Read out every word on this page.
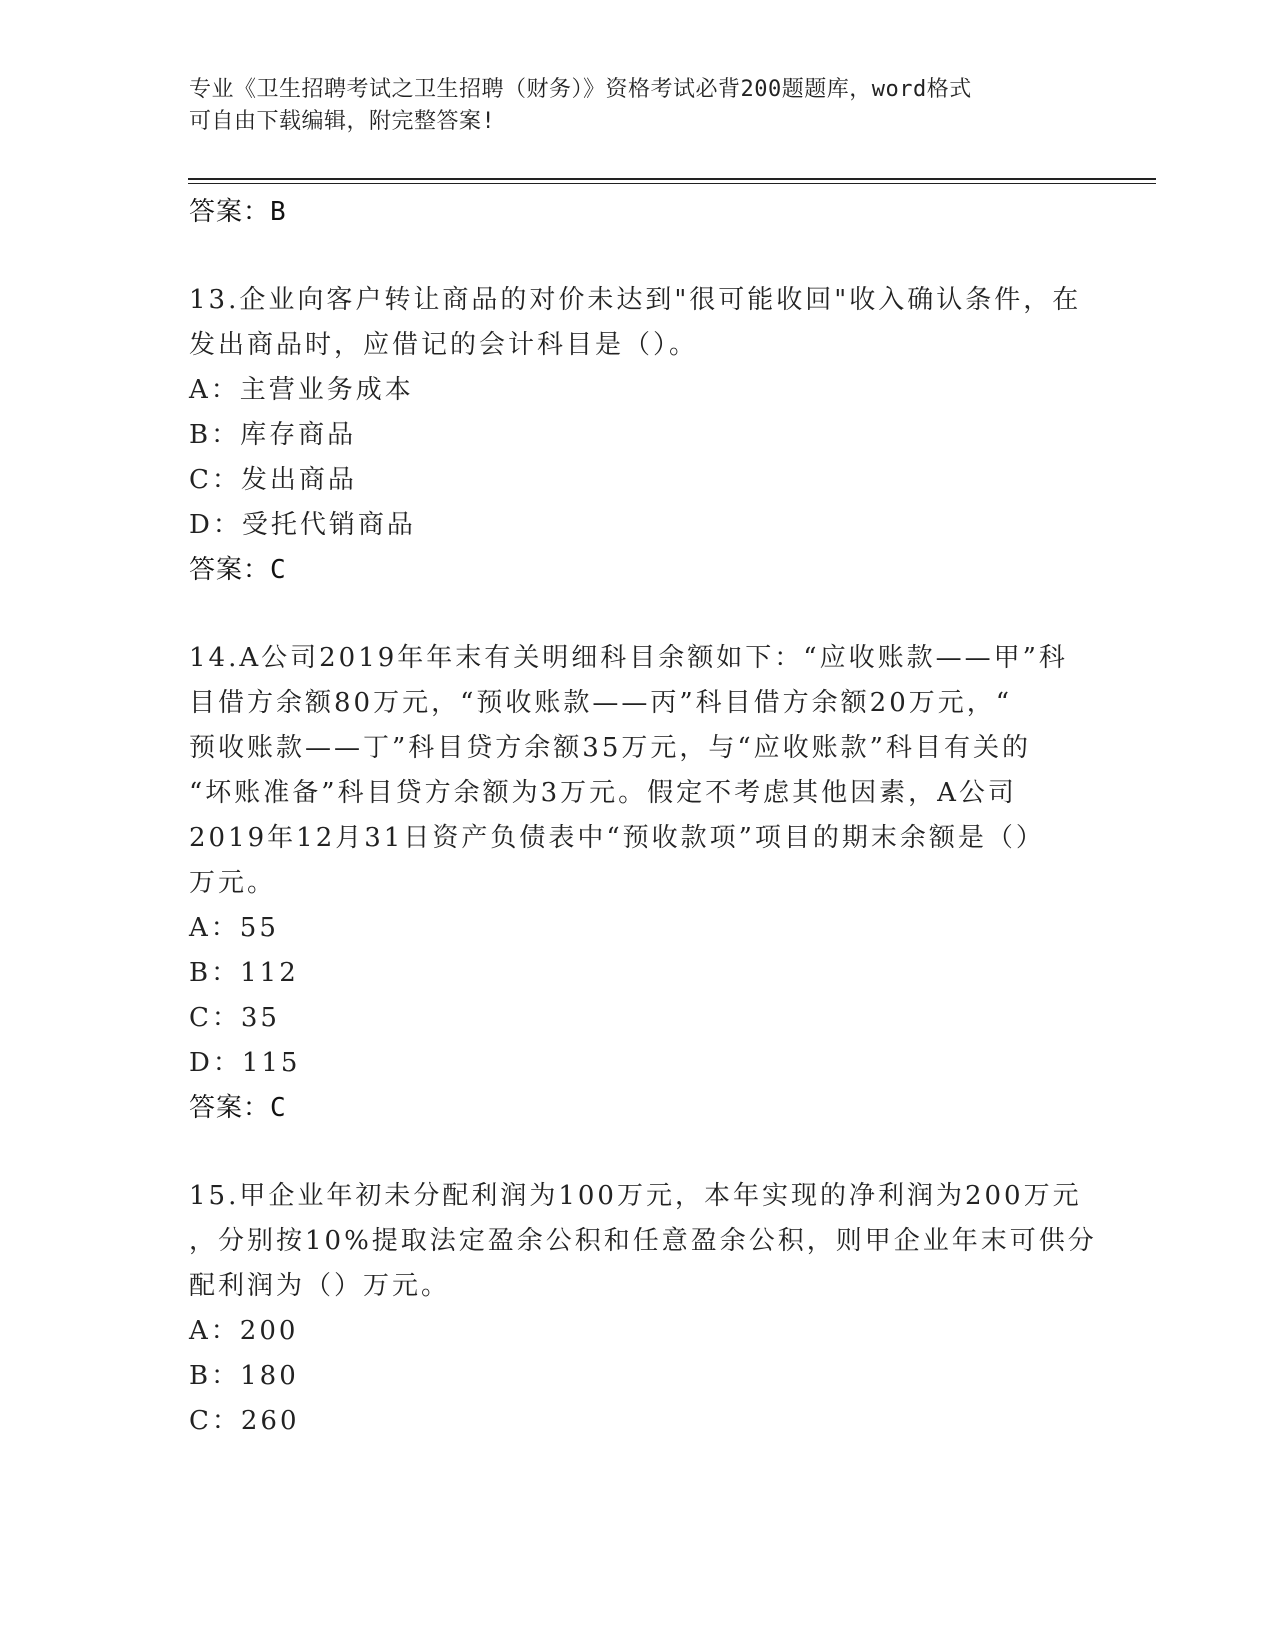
专业《卫生招聘考试之卫生招聘（财务）》资格考试必背200题题库，word格式
可自由下载编辑，附完整答案!
答案：B
13.企业向客户转让商品的对价未达到"很可能收回"收入确认条件，在
发出商品时，应借记的会计科目是（）。
A：主营业务成本
B：库存商品
C：发出商品
D：受托代销商品
答案：C
14.A公司2019年年末有关明细科目余额如下：“应收账款——甲”科
目借方余额80万元，“预收账款——丙”科目借方余额20万元，“
预收账款——丁”科目贷方余额35万元，与“应收账款”科目有关的
“坏账准备”科目贷方余额为3万元。假定不考虑其他因素，A公司
2019年12月31日资产负债表中“预收款项”项目的期末余额是（）
万元。
A：55
B：112
C：35
D：115
答案：C
15.甲企业年初未分配利润为100万元，本年实现的净利润为200万元
，分别按10%提取法定盈余公积和任意盈余公积，则甲企业年末可供分
配利润为（）万元。
A：200
B：180
C：260
